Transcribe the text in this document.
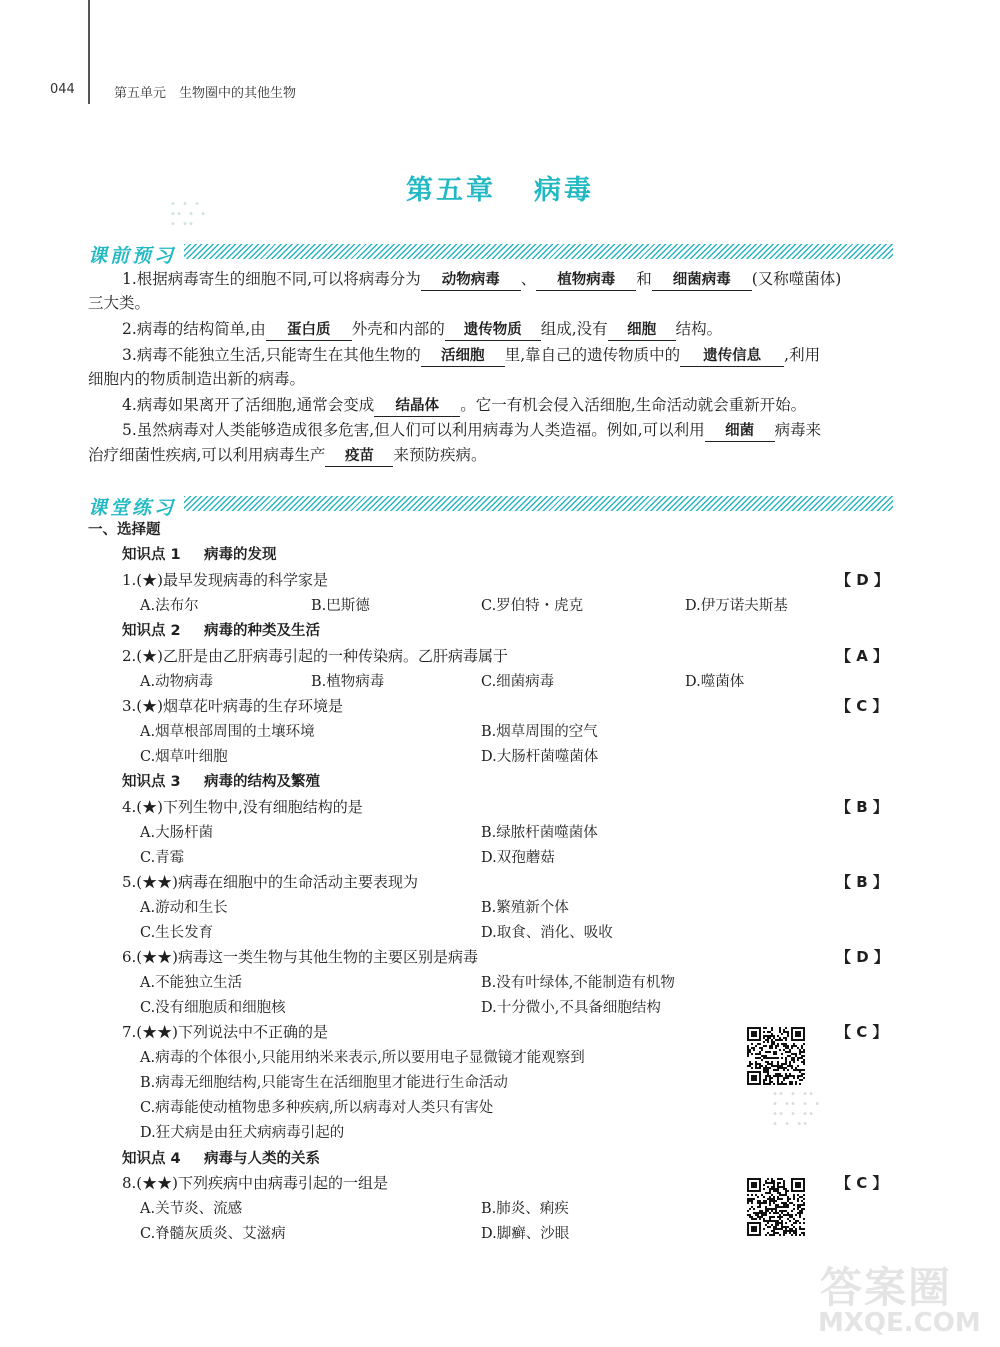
044	第五单元　生物圈中的其他生物
第五章 病毒
∙ ∙ ∙
∙∙ ∙ ∙
∙ ∙∙
课前预习
1.根据病毒寄生的细胞不同,可以将病毒分为 动物病毒 、 植物病毒 和 细菌病毒 (又称噬菌体)
三大类。
2.病毒的结构简单,由 蛋白质 外壳和内部的 遗传物质 组成,没有 细胞 结构。
3.病毒不能独立生活,只能寄生在其他生物的 活细胞 里,靠自己的遗传物质中的 遗传信息 ,利用
细胞内的物质制造出新的病毒。
4.病毒如果离开了活细胞,通常会变成 结晶体 。它一有机会侵入活细胞,生命活动就会重新开始。
5.虽然病毒对人类能够造成很多危害,但人们可以利用病毒为人类造福。例如,可以利用 细菌 病毒来
治疗细菌性疾病,可以利用病毒生产 疫苗 来预防疾病。
课堂练习
一、选择题
知识点 1 病毒的发现
1.(★)最早发现病毒的科学家是	【 D 】
A.法布尔	B.巴斯德	C.罗伯特・虎克	D.伊万诺夫斯基
知识点 2 病毒的种类及生活
2.(★)乙肝是由乙肝病毒引起的一种传染病。乙肝病毒属于	【 A 】
A.动物病毒	B.植物病毒	C.细菌病毒	D.噬菌体
3.(★)烟草花叶病毒的生存环境是	【 C 】
A.烟草根部周围的土壤环境	B.烟草周围的空气
C.烟草叶细胞	D.大肠杆菌噬菌体
知识点 3 病毒的结构及繁殖
4.(★)下列生物中,没有细胞结构的是	【 B 】
A.大肠杆菌	B.绿脓杆菌噬菌体
C.青霉	D.双孢蘑菇
5.(★★)病毒在细胞中的生命活动主要表现为	【 B 】
A.游动和生长	B.繁殖新个体
C.生长发育	D.取食、消化、吸收
6.(★★)病毒这一类生物与其他生物的主要区别是病毒	【 D 】
A.不能独立生活	B.没有叶绿体,不能制造有机物
C.没有细胞质和细胞核	D.十分微小,不具备细胞结构
7.(★★)下列说法中不正确的是	【 C 】
A.病毒的个体很小,只能用纳米来表示,所以要用电子显微镜才能观察到
B.病毒无细胞结构,只能寄生在活细胞里才能进行生命活动
C.病毒能使动植物患多种疾病,所以病毒对人类只有害处
D.狂犬病是由狂犬病病毒引起的
知识点 4 病毒与人类的关系
8.(★★)下列疾病中由病毒引起的一组是	【 C 】
A.关节炎、流感	B.肺炎、痢疾
C.脊髓灰质炎、艾滋病	D.脚癣、沙眼
∙∙ ∙ ∙∙
∙ ∙∙ ∙ ∙
∙∙ ∙ ∙∙
∙ ∙ ∙∙
答案圈
MXQE.COM
